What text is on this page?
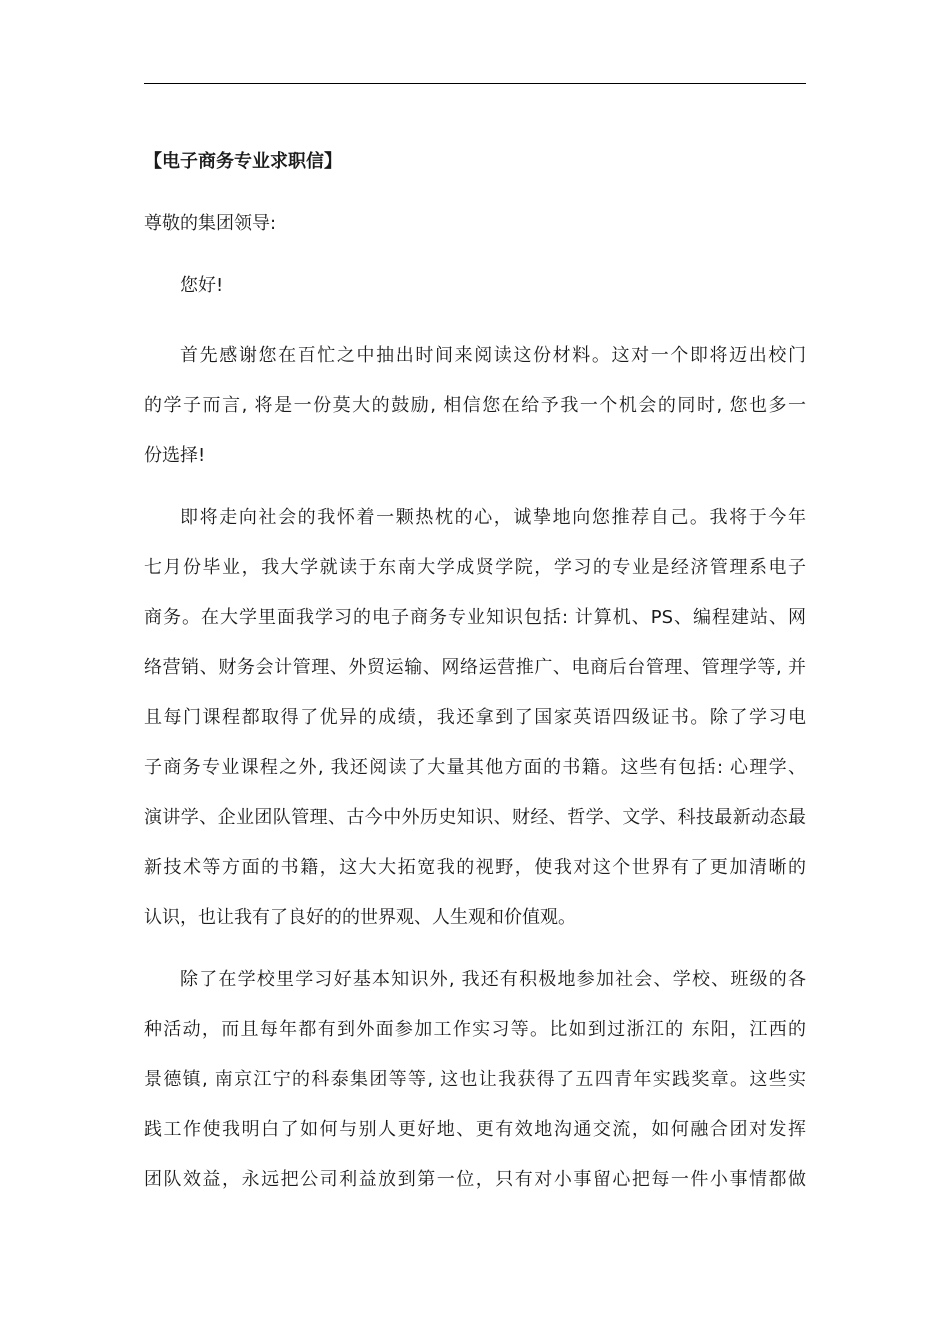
【电子商务专业求职信】

尊敬的集团领导:

您好!

首先感谢您在百忙之中抽出时间来阅读这份材料。这对一个即将迈出校门
的学子而言, 将是一份莫大的鼓励, 相信您在给予我一个机会的同时, 您也多一
份选择!
即将走向社会的我怀着一颗热枕的心，诚挚地向您推荐自己。我将于今年
七月份毕业，我大学就读于东南大学成贤学院，学习的专业是经济管理系电子
商务。在大学里面我学习的电子商务专业知识包括: 计算机、PS、编程建站、网
络营销、财务会计管理、外贸运输、网络运营推广、电商后台管理、管理学等, 并
且每门课程都取得了优异的成绩，我还拿到了国家英语四级证书。除了学习电
子商务专业课程之外, 我还阅读了大量其他方面的书籍。这些有包括: 心理学、
演讲学、企业团队管理、古今中外历史知识、财经、哲学、文学、科技最新动态最
新技术等方面的书籍，这大大拓宽我的视野，使我对这个世界有了更加清晰的
认识，也让我有了良好的的世界观、人生观和价值观。
除了在学校里学习好基本知识外, 我还有积极地参加社会、学校、班级的各
种活动，而且每年都有到外面参加工作实习等。比如到过浙江的 东阳，江西的
景德镇, 南京江宁的科泰集团等等, 这也让我获得了五四青年实践奖章。这些实
践工作使我明白了如何与别人更好地、更有效地沟通交流，如何融合团对发挥
团队效益，永远把公司利益放到第一位，只有对小事留心把每一件小事情都做
